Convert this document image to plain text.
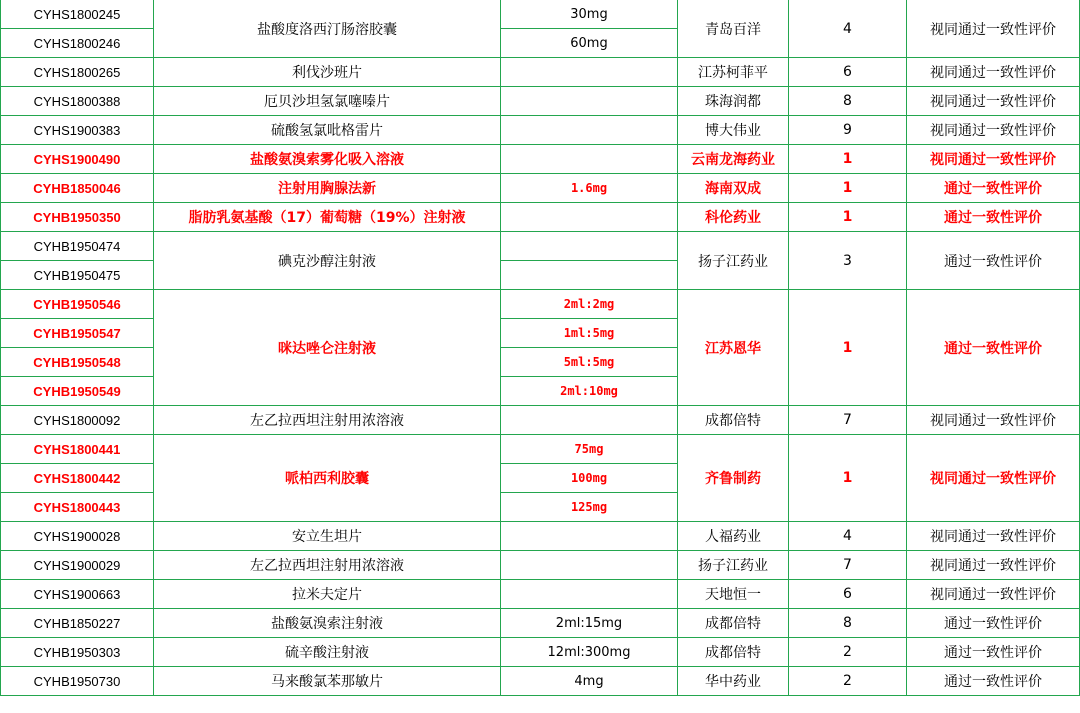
CYHS1800245	盐酸度洛西汀肠溶胶囊	30mg	青岛百洋	4	视同通过一致性评价
CYHS1800246		60mg			
CYHS1800265	利伐沙班片		江苏柯菲平	6	视同通过一致性评价
CYHS1800388	厄贝沙坦氢氯噻嗪片		珠海润都	8	视同通过一致性评价
CYHS1900383	硫酸氢氯吡格雷片		博大伟业	9	视同通过一致性评价
CYHS1900490	盐酸氨溴索雾化吸入溶液		云南龙海药业	1	视同通过一致性评价
CYHB1850046	注射用胸腺法新	1.6mg	海南双成	1	通过一致性评价
CYHB1950350	脂肪乳氨基酸（17）葡萄糖（19%）注射液		科伦药业	1	通过一致性评价
CYHB1950474	碘克沙醇注射液		扬子江药业	3	通过一致性评价
CYHB1950475					
CYHB1950546	咪达唑仑注射液	2ml:2mg	江苏恩华	1	通过一致性评价
CYHB1950547		1ml:5mg			
CYHB1950548		5ml:5mg			
CYHB1950549		2ml:10mg			
CYHS1800092	左乙拉西坦注射用浓溶液		成都倍特	7	视同通过一致性评价
CYHS1800441	哌柏西利胶囊	75mg	齐鲁制药	1	视同通过一致性评价
CYHS1800442		100mg			
CYHS1800443		125mg			
CYHS1900028	安立生坦片		人福药业	4	视同通过一致性评价
CYHS1900029	左乙拉西坦注射用浓溶液		扬子江药业	7	视同通过一致性评价
CYHS1900663	拉米夫定片		天地恒一	6	视同通过一致性评价
CYHB1850227	盐酸氨溴索注射液	2ml:15mg	成都倍特	8	通过一致性评价
CYHB1950303	硫辛酸注射液	12ml:300mg	成都倍特	2	通过一致性评价
CYHB1950730	马来酸氯苯那敏片	4mg	华中药业	2	通过一致性评价
